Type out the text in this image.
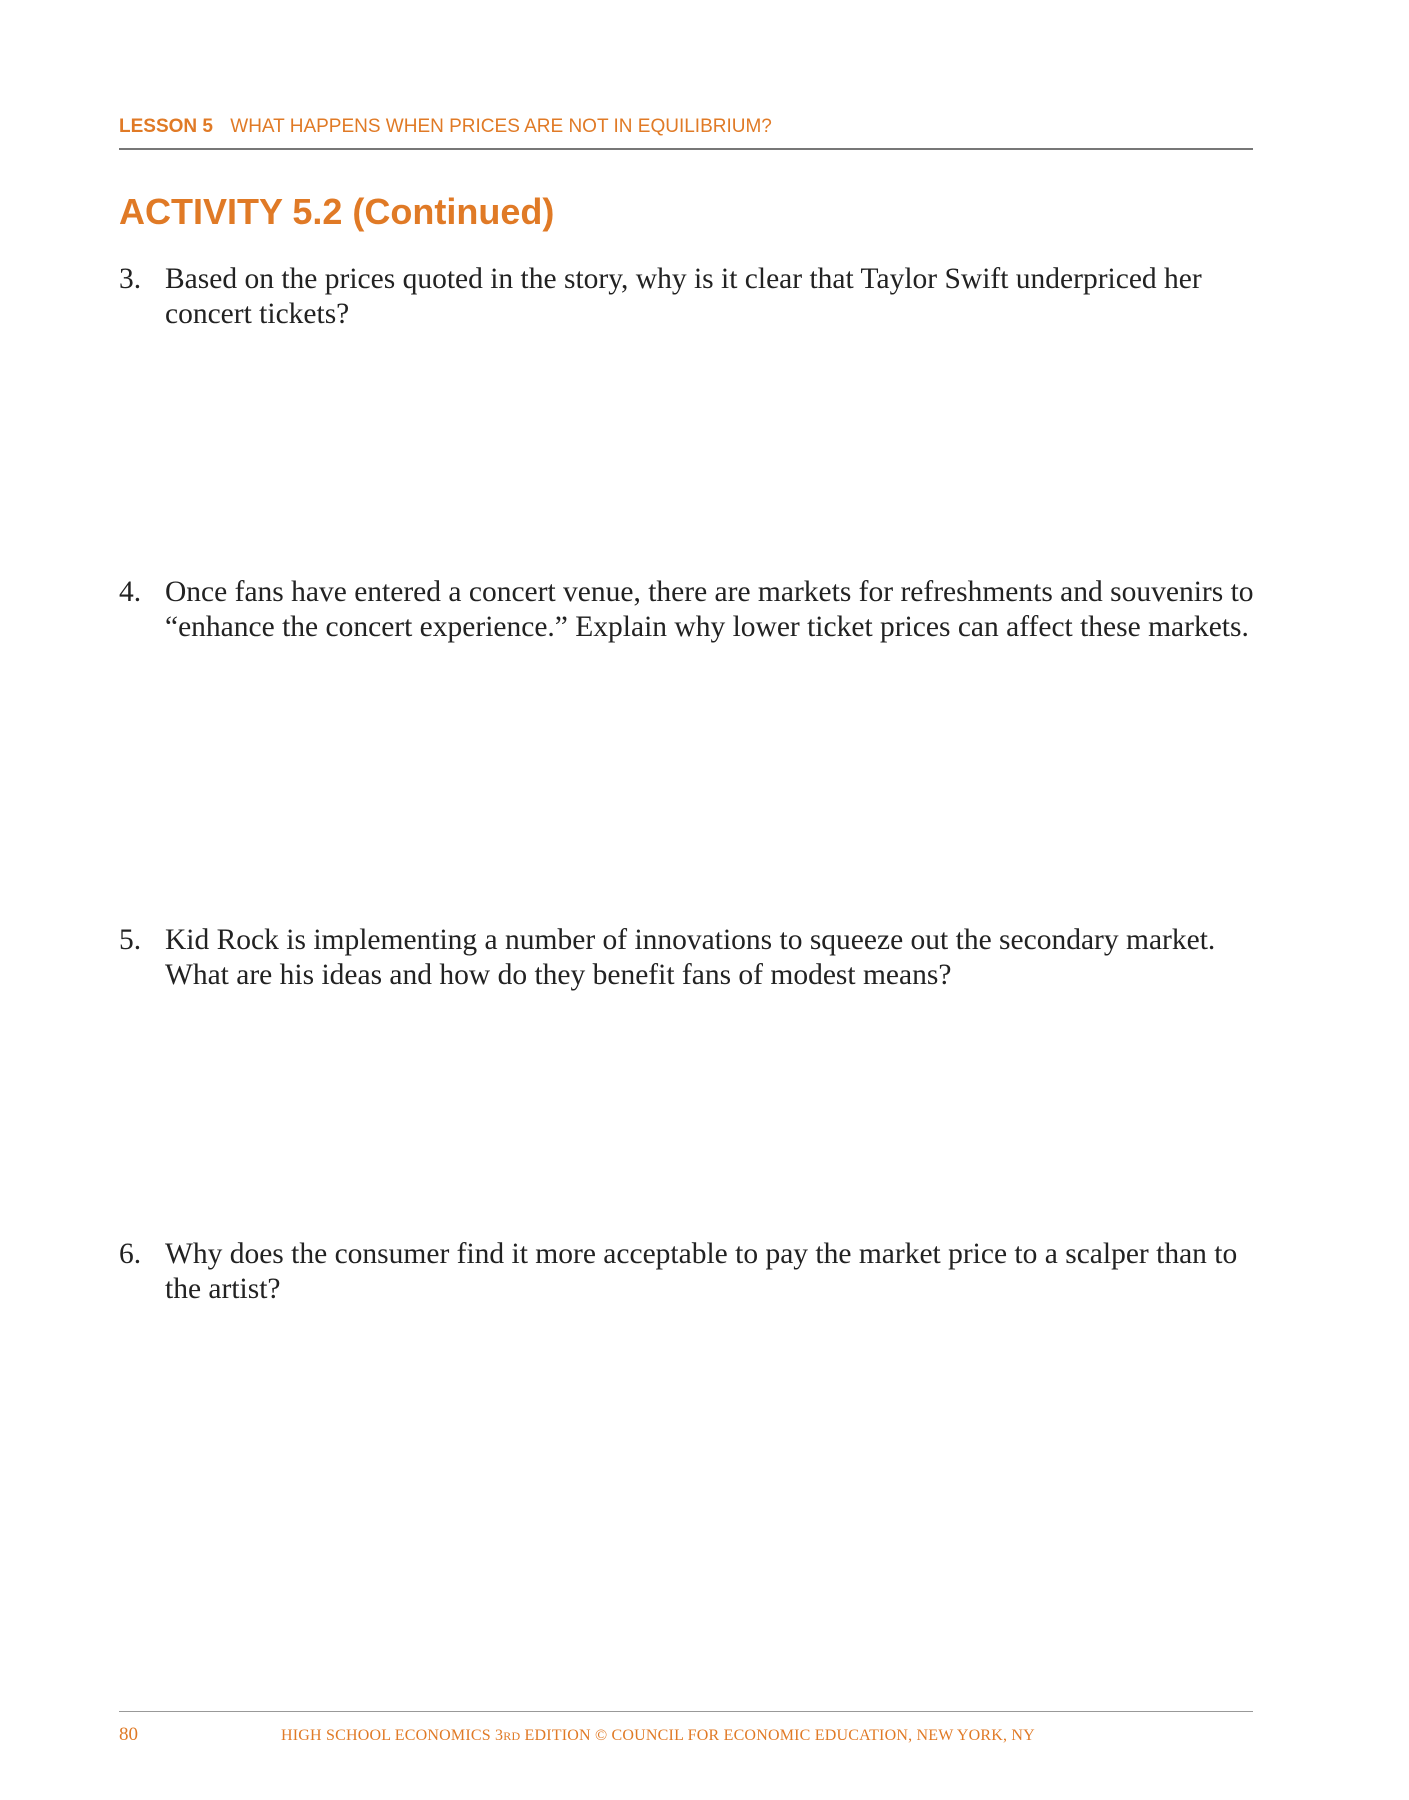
LESSON 5 WHAT HAPPENS WHEN PRICES ARE NOT IN EQUILIBRIUM?
ACTIVITY 5.2 (Continued)
3. Based on the prices quoted in the story, why is it clear that Taylor Swift underpriced her concert tickets?
4. Once fans have entered a concert venue, there are markets for refreshments and souvenirs to “enhance the concert experience.” Explain why lower ticket prices can affect these markets.
5. Kid Rock is implementing a number of innovations to squeeze out the secondary market. What are his ideas and how do they benefit fans of modest means?
6. Why does the consumer find it more acceptable to pay the market price to a scalper than to the artist?
80	HIGH SCHOOL ECONOMICS 3RD EDITION © COUNCIL FOR ECONOMIC EDUCATION, NEW YORK, NY
